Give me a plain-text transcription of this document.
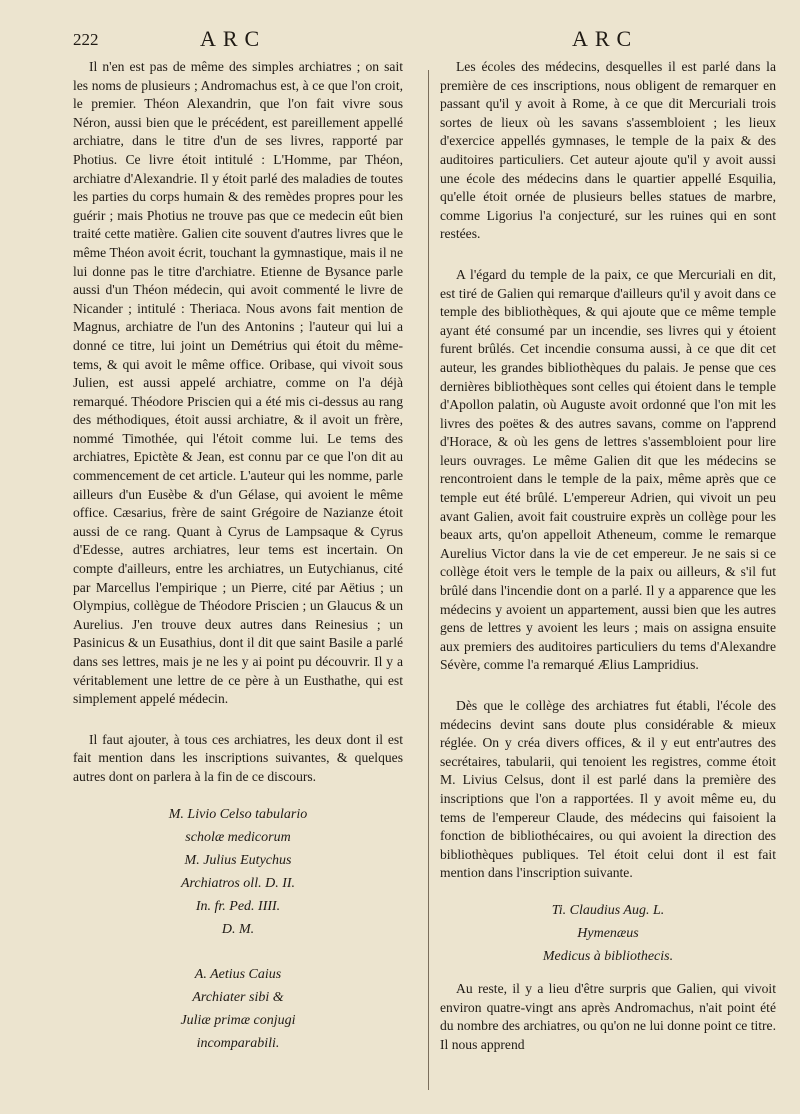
222	ARC	ARC

Il n'en est pas de même des simples archiatres ; on sait les noms de plusieurs ; Andromachus est, à ce que l'on croit, le premier. Théon Alexandrin, que l'on fait vivre sous Néron, aussi bien que le précédent, est pareillement appellé archiatre, dans le titre d'un de ses livres, rapporté par Photius. Ce livre étoit intitulé : L'Homme, par Théon, archiatre d'Alexandrie. Il y étoit parlé des maladies de toutes les parties du corps humain & des remèdes propres pour les guérir ; mais Photius ne trouve pas que ce medecin eût bien traité cette matière. Galien cite souvent d'autres livres que le même Théon avoit écrit, touchant la gymnastique, mais il ne lui donne pas le titre d'archiatre. Etienne de Bysance parle aussi d'un Théon médecin, qui avoit commenté le livre de Nicander ; intitulé : Theriaca. Nous avons fait mention de Magnus, archiatre de l'un des Antonins ; l'auteur qui lui a donné ce titre, lui joint un Demétrius qui étoit du même-tems, & qui avoit le même office. Oribase, qui vivoit sous Julien, est aussi appelé archiatre, comme on l'a déjà remarqué. Théodore Priscien qui a été mis ci-dessus au rang des méthodiques, étoit aussi archiatre, & il avoit un frère, nommé Timothée, qui l'étoit comme lui. Le tems des archiatres, Epictète & Jean, est connu par ce que l'on dit au commencement de cet article. L'auteur qui les nomme, parle ailleurs d'un Eusèbe & d'un Gélase, qui avoient le même office. Cæsarius, frère de saint Grégoire de Nazianze étoit aussi de ce rang. Quant à Cyrus de Lampsaque & Cyrus d'Edesse, autres archiatres, leur tems est incertain. On compte d'ailleurs, entre les archiatres, un Eutychianus, cité par Marcellus l'empirique ; un Pierre, cité par Aëtius ; un Olympius, collègue de Théodore Priscien ; un Glaucus & un Aurelius. J'en trouve deux autres dans Reinesius ; un Pasinicus & un Eusathius, dont il dit que saint Basile a parlé dans ses lettres, mais je ne les y ai point pu découvrir. Il y a véritablement une lettre de ce père à un Eusthathe, qui est simplement appelé médecin.

Il faut ajouter, à tous ces archiatres, les deux dont il est fait mention dans les inscriptions suivantes, & quelques autres dont on parlera à la fin de ce discours.

M. Livio Celso tabulario
scholæ medicorum
M. Julius Eutychus
Archiatros oll. D. II.
In. fr. Ped. IIII.
D. M.
A. Aetius Caius
Archiater sibi &
Juliæ primæ conjugi
incomparabili.

Les écoles des médecins, desquelles il est parlé dans la première de ces inscriptions, nous obligent de remarquer en passant qu'il y avoit à Rome, à ce que dit Mercuriali trois sortes de lieux où les savans s'assembloient ; les lieux d'exercice appellés gymnases, le temple de la paix & des auditoires particuliers. Cet auteur ajoute qu'il y avoit aussi une école des médecins dans le quartier appellé Esquilia, qu'elle étoit ornée de plusieurs belles statues de marbre, comme Ligorius l'a conjecturé, sur les ruines qui en sont restées.

A l'égard du temple de la paix, ce que Mercuriali en dit, est tiré de Galien qui remarque d'ailleurs qu'il y avoit dans ce temple des bibliothèques, & qui ajoute que ce même temple ayant été consumé par un incendie, ses livres qui y étoient furent brûlés. Cet incendie consuma aussi, à ce que dit cet auteur, les grandes bibliothèques du palais. Je pense que ces dernières bibliothèques sont celles qui étoient dans le temple d'Apollon palatin, où Auguste avoit ordonné que l'on mit les livres des poëtes & des autres savans, comme on l'apprend d'Horace, & où les gens de lettres s'assembloient pour lire leurs ouvrages. Le même Galien dit que les médecins se rencontroient dans le temple de la paix, même après que ce temple eut été brûlé. L'empereur Adrien, qui vivoit un peu avant Galien, avoit fait coustruire exprès un collège pour les beaux arts, qu'on appelloit Atheneum, comme le remarque Aurelius Victor dans la vie de cet empereur. Je ne sais si ce collège étoit vers le temple de la paix ou ailleurs, & s'il fut brûlé dans l'incendie dont on a parlé. Il y a apparence que les médecins y avoient un appartement, aussi bien que les autres gens de lettres y avoient les leurs ; mais on assigna ensuite aux premiers des auditoires particuliers du tems d'Alexandre Sévère, comme l'a remarqué Ælius Lampridius.

Dès que le collège des archiatres fut établi, l'école des médecins devint sans doute plus considérable & mieux réglée. On y créa divers offices, & il y eut entr'autres des secrétaires, tabularii, qui tenoient les registres, comme étoit M. Livius Celsus, dont il est parlé dans la première des inscriptions que l'on a rapportées. Il y avoit même eu, du tems de l'empereur Claude, des médecins qui faisoient la fonction de bibliothécaires, ou qui avoient la direction des bibliothèques publiques. Tel étoit celui dont il est fait mention dans l'inscription suivante.

Ti. Claudius Aug. L.
Hymenæus
Medicus à bibliothecis.

Au reste, il y a lieu d'être surpris que Galien, qui vivoit environ quatre-vingt ans après Andromachus, n'ait point été du nombre des archiatres, ou qu'on ne lui donne point ce titre. Il nous apprend
